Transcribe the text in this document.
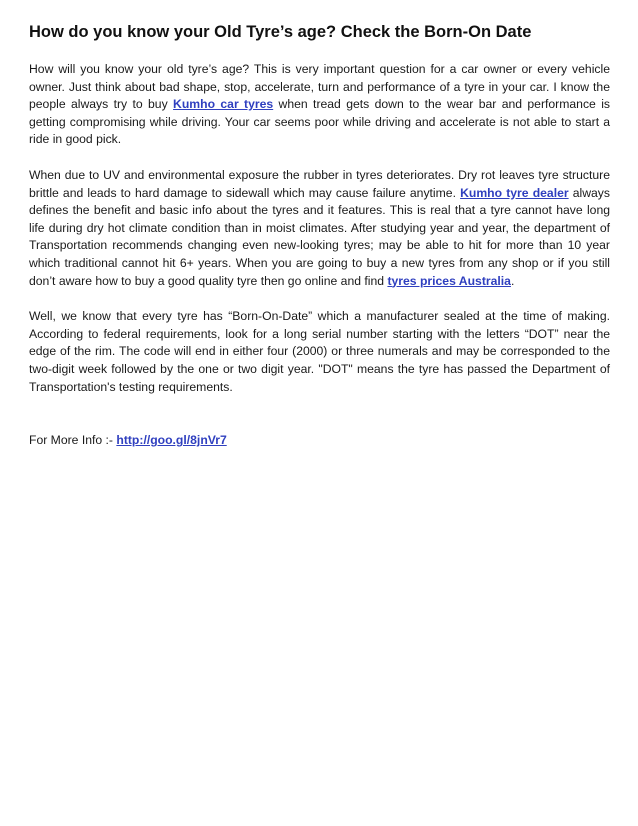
How do you know your Old Tyre’s age? Check the Born-On Date

How will you know your old tyre’s age? This is very important question for a car owner or every vehicle owner. Just think about bad shape, stop, accelerate, turn and performance of a tyre in your car. I know the people always try to buy Kumho car tyres when tread gets down to the wear bar and performance is getting compromising while driving. Your car seems poor while driving and accelerate is not able to start a ride in good pick.

When due to UV and environmental exposure the rubber in tyres deteriorates. Dry rot leaves tyre structure brittle and leads to hard damage to sidewall which may cause failure anytime. Kumho tyre dealer always defines the benefit and basic info about the tyres and it features. This is real that a tyre cannot have long life during dry hot climate condition than in moist climates. After studying year and year, the department of Transportation recommends changing even new-looking tyres; may be able to hit for more than 10 year which traditional cannot hit 6+ years. When you are going to buy a new tyres from any shop or if you still don’t aware how to buy a good quality tyre then go online and find tyres prices Australia.

Well, we know that every tyre has “Born-On-Date” which a manufacturer sealed at the time of making. According to federal requirements, look for a long serial number starting with the letters “DOT” near the edge of the rim. The code will end in either four (2000) or three numerals and may be corresponded to the two-digit week followed by the one or two digit year. "DOT" means the tyre has passed the Department of Transportation's testing requirements.

For More Info :- http://goo.gl/8jnVr7
